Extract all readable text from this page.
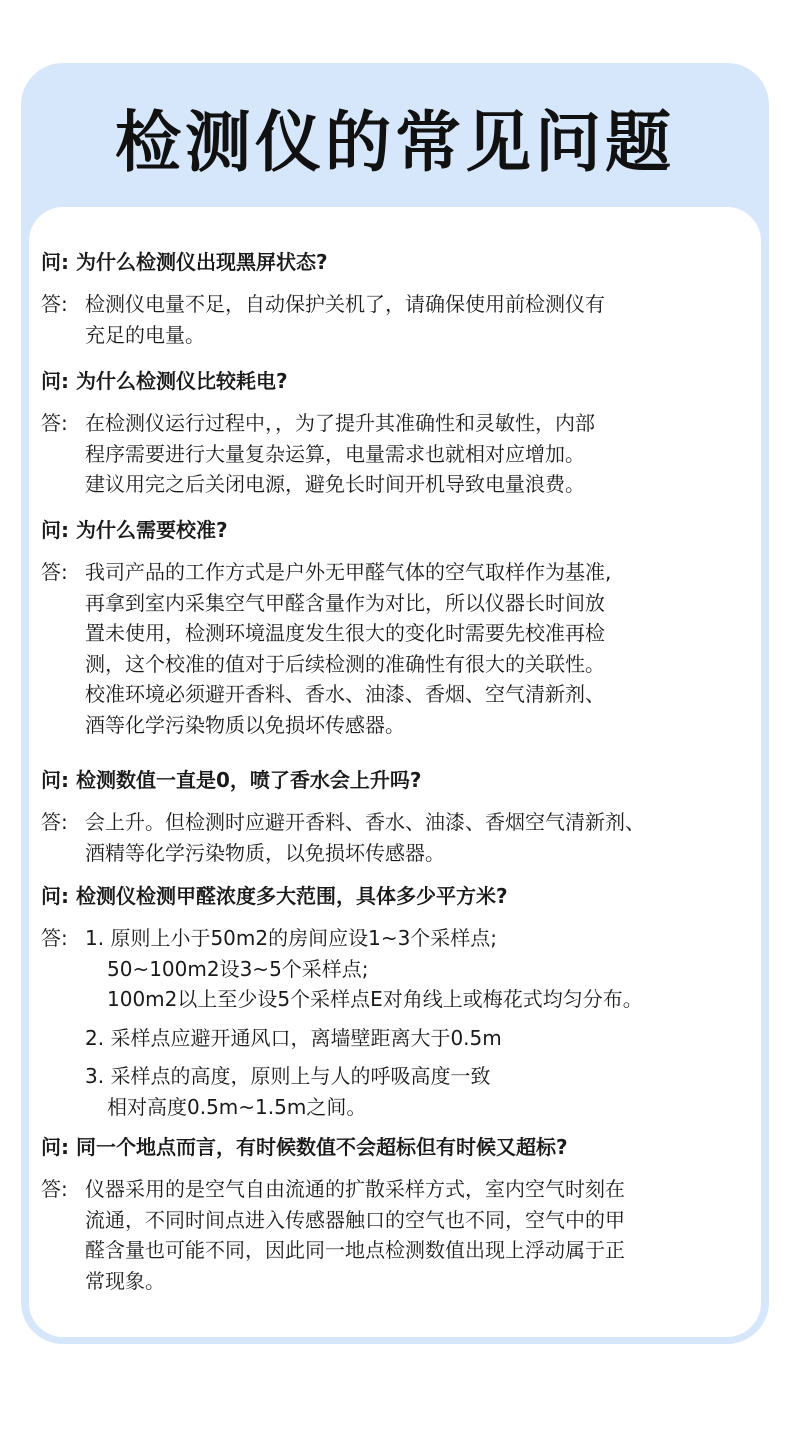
检测仪的常见问题
问: 为什么检测仪出现黑屏状态?
答: 检测仪电量不足，自动保护关机了，请确保使用前检测仪有
充足的电量。
问: 为什么检测仪比较耗电?
答: 在检测仪运行过程中，，为了提升其准确性和灵敏性，内部
程序需要进行大量复杂运算，电量需求也就相对应增加。
建议用完之后关闭电源，避免长时间开机导致电量浪费。
问: 为什么需要校准?
答: 我司产品的工作方式是户外无甲醛气体的空气取样作为基准,
再拿到室内采集空气甲醛含量作为对比，所以仪器长时间放
置未使用，检测环境温度发生很大的变化时需要先校准再检
测，这个校准的值对于后续检测的准确性有很大的关联性。
校准环境必须避开香料、香水、油漆、香烟、空气清新剂、
酒等化学污染物质以免损坏传感器。
问: 检测数值一直是0，喷了香水会上升吗?
答: 会上升。但检测时应避开香料、香水、油漆、香烟空气清新剂、
酒精等化学污染物质，以免损坏传感器。
问: 检测仪检测甲醛浓度多大范围，具体多少平方米?
答: 1. 原则上小于50m2的房间应设1~3个采样点;
50~100m2设3~5个采样点;
100m2以上至少设5个采样点E对角线上或梅花式均匀分布。
2. 采样点应避开通风口，离墙壁距离大于0.5m
3. 采样点的高度，原则上与人的呼吸高度一致
相对高度0.5m~1.5m之间。
问: 同一个地点而言，有时候数值不会超标但有时候又超标?
答: 仪器采用的是空气自由流通的扩散采样方式，室内空气时刻在
流通，不同时间点进入传感器触口的空气也不同，空气中的甲
醛含量也可能不同，因此同一地点检测数值出现上浮动属于正
常现象。
